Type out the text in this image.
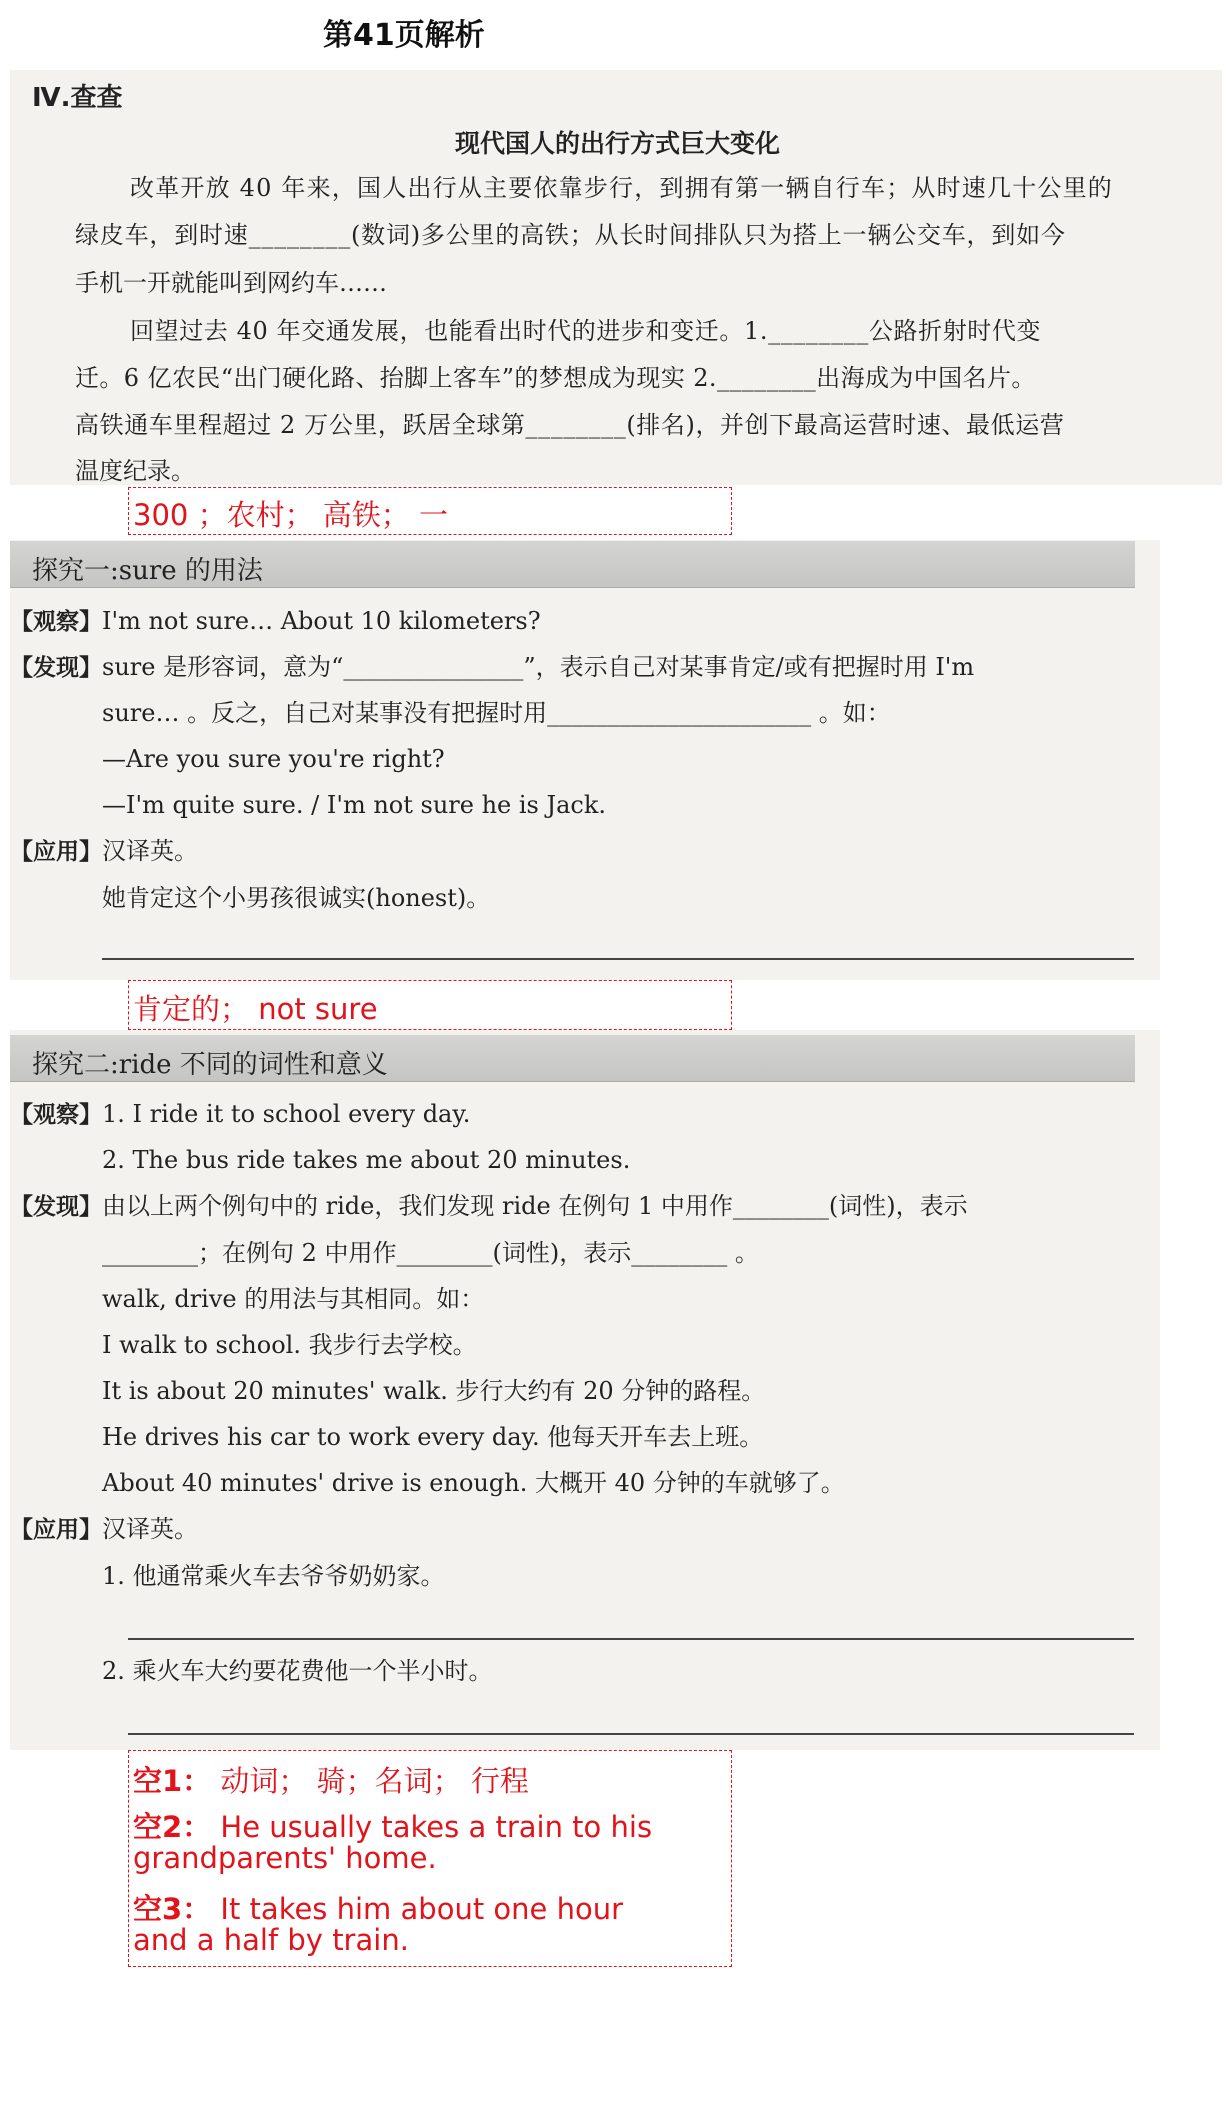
第41页解析
Ⅳ.查查
现代国人的出行方式巨大变化
改革开放 40 年来，国人出行从主要依靠步行，到拥有第一辆自行车；从时速几十公里的
绿皮车，到时速________(数词)多公里的高铁；从长时间排队只为搭上一辆公交车，到如今
手机一开就能叫到网约车……
回望过去 40 年交通发展，也能看出时代的进步和变迁。1.________公路折射时代变
迁。6 亿农民“出门硬化路、抬脚上客车”的梦想成为现实 2.________出海成为中国名片。
高铁通车里程超过 2 万公里，跃居全球第________(排名)，并创下最高运营时速、最低运营
温度纪录。
300 ；农村； 高铁； 一
探究一:sure 的用法
【观察】 I'm not sure… About 10 kilometers?
【发现】 sure 是形容词，意为“_______________”，表示自己对某事肯定/或有把握时用 I'm
sure… 。反之，自己对某事没有把握时用______________________ 。如：
—Are you sure you're right?
—I'm quite sure. / I'm not sure he is Jack.
【应用】 汉译英。
她肯定这个小男孩很诚实(honest)。
肯定的； not sure
探究二:ride 不同的词性和意义
【观察】 1. I ride it to school every day.
2. The bus ride takes me about 20 minutes.
【发现】 由以上两个例句中的 ride，我们发现 ride 在例句 1 中用作________(词性)，表示
________；在例句 2 中用作________(词性)，表示________ 。
walk, drive 的用法与其相同。如：
I walk to school. 我步行去学校。
It is about 20 minutes' walk. 步行大约有 20 分钟的路程。
He drives his car to work every day. 他每天开车去上班。
About 40 minutes' drive is enough. 大概开 40 分钟的车就够了。
【应用】 汉译英。
1. 他通常乘火车去爷爷奶奶家。
2. 乘火车大约要花费他一个半小时。
空1： 动词； 骑；名词； 行程
空2： He usually takes a train to his
grandparents' home.
空3： It takes him about one hour
and a half by train.
